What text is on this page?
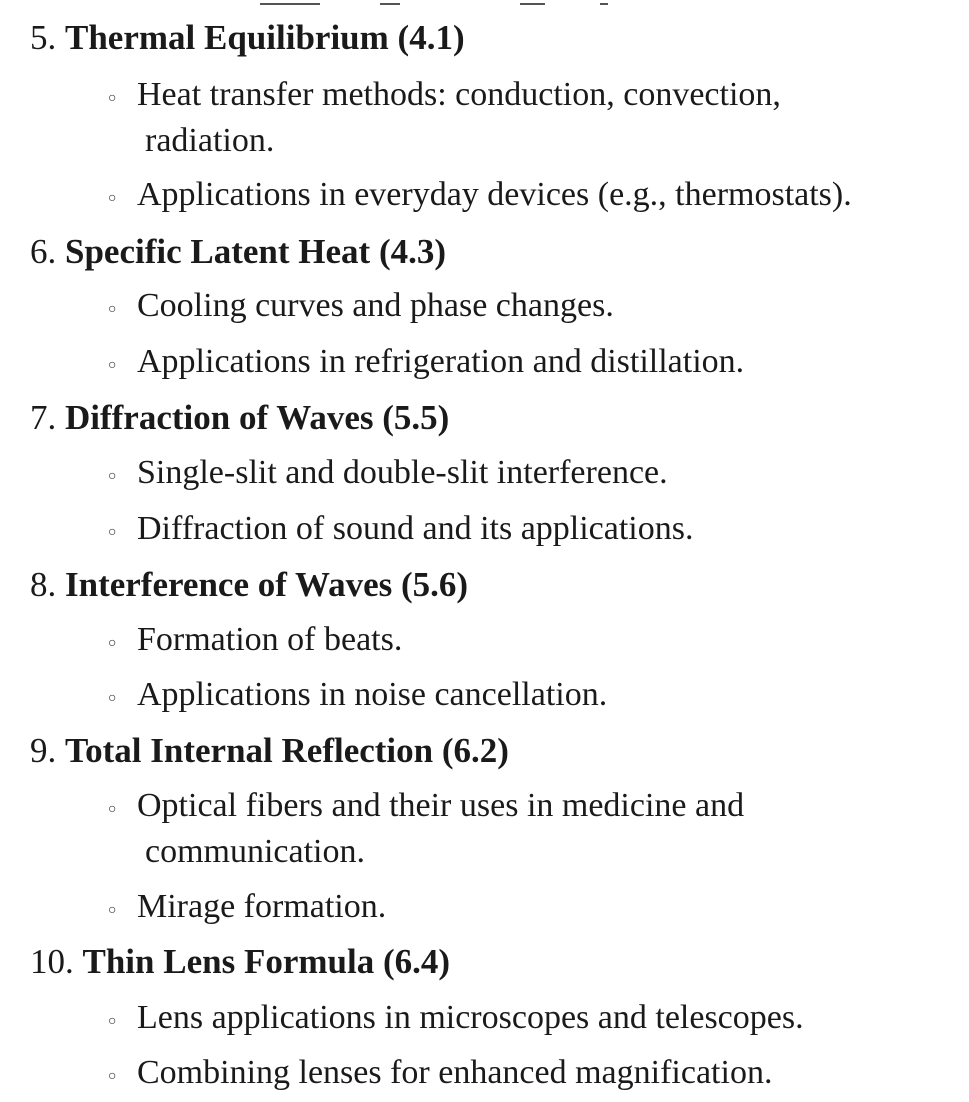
5. Thermal Equilibrium (4.1)
○ Heat transfer methods: conduction, convection,
radiation.
○ Applications in everyday devices (e.g., thermostats).
6. Specific Latent Heat (4.3)
○ Cooling curves and phase changes.
○ Applications in refrigeration and distillation.
7. Diffraction of Waves (5.5)
○ Single-slit and double-slit interference.
○ Diffraction of sound and its applications.
8. Interference of Waves (5.6)
○ Formation of beats.
○ Applications in noise cancellation.
9. Total Internal Reflection (6.2)
○ Optical fibers and their uses in medicine and
communication.
○ Mirage formation.
10. Thin Lens Formula (6.4)
○ Lens applications in microscopes and telescopes.
○ Combining lenses for enhanced magnification.
